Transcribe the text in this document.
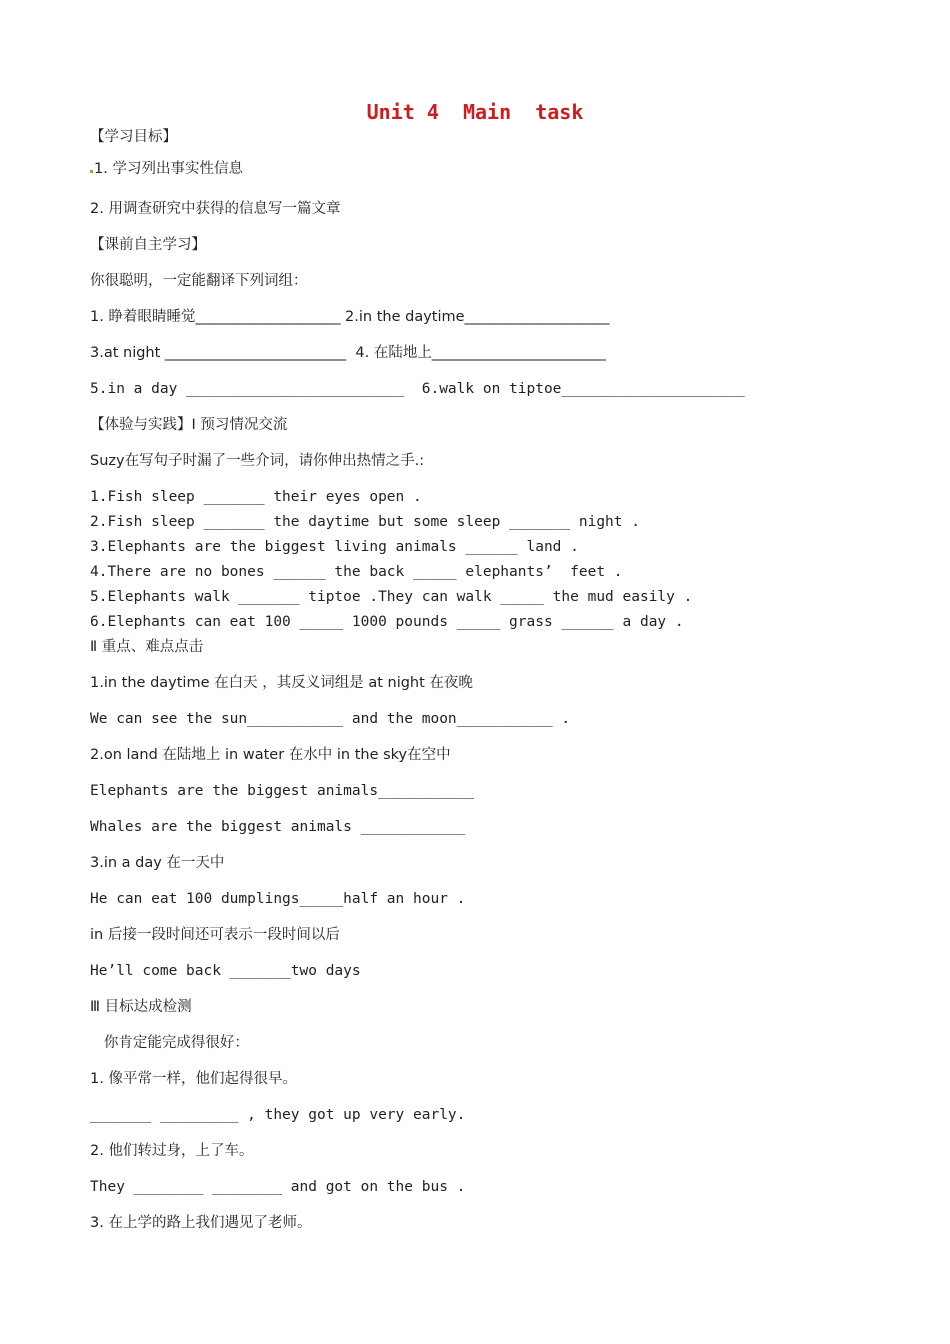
Unit 4  Main  task
【学习目标】
1. 学习列出事实性信息
2. 用调查研究中获得的信息写一篇文章
【课前自主学习】
你很聪明，一定能翻译下列词组：
1. 睁着眼睛睡觉____________________ 2.in the daytime____________________
3.at night _________________________  4. 在陆地上________________________
5.in a day _________________________  6.walk on tiptoe_____________________
【体验与实践】Ⅰ 预习情况交流
Suzy在写句子时漏了一些介词，请你伸出热情之手.:
1.Fish sleep _______ their eyes open .
2.Fish sleep _______ the daytime but some sleep _______ night .
3.Elephants are the biggest living animals ______ land .
4.There are no bones ______ the back _____ elephants’  feet .
5.Elephants walk _______ tiptoe .They can walk _____ the mud easily .
6.Elephants can eat 100 _____ 1000 pounds _____ grass ______ a day .
Ⅱ 重点、难点点击
1.in the daytime 在白天 ，其反义词组是 at night 在夜晚
We can see the sun___________ and the moon___________ .
2.on land 在陆地上 in water 在水中 in the sky在空中
Elephants are the biggest animals___________
Whales are the biggest animals ____________
3.in a day 在一天中
He can eat 100 dumplings_____half an hour .
in 后接一段时间还可表示一段时间以后
He’ll come back _______two days
Ⅲ 目标达成检测
你肯定能完成得很好：
1. 像平常一样，他们起得很早。
_______ _________ , they got up very early.
2. 他们转过身，上了车。
They ________ ________ and got on the bus .
3. 在上学的路上我们遇见了老师。
